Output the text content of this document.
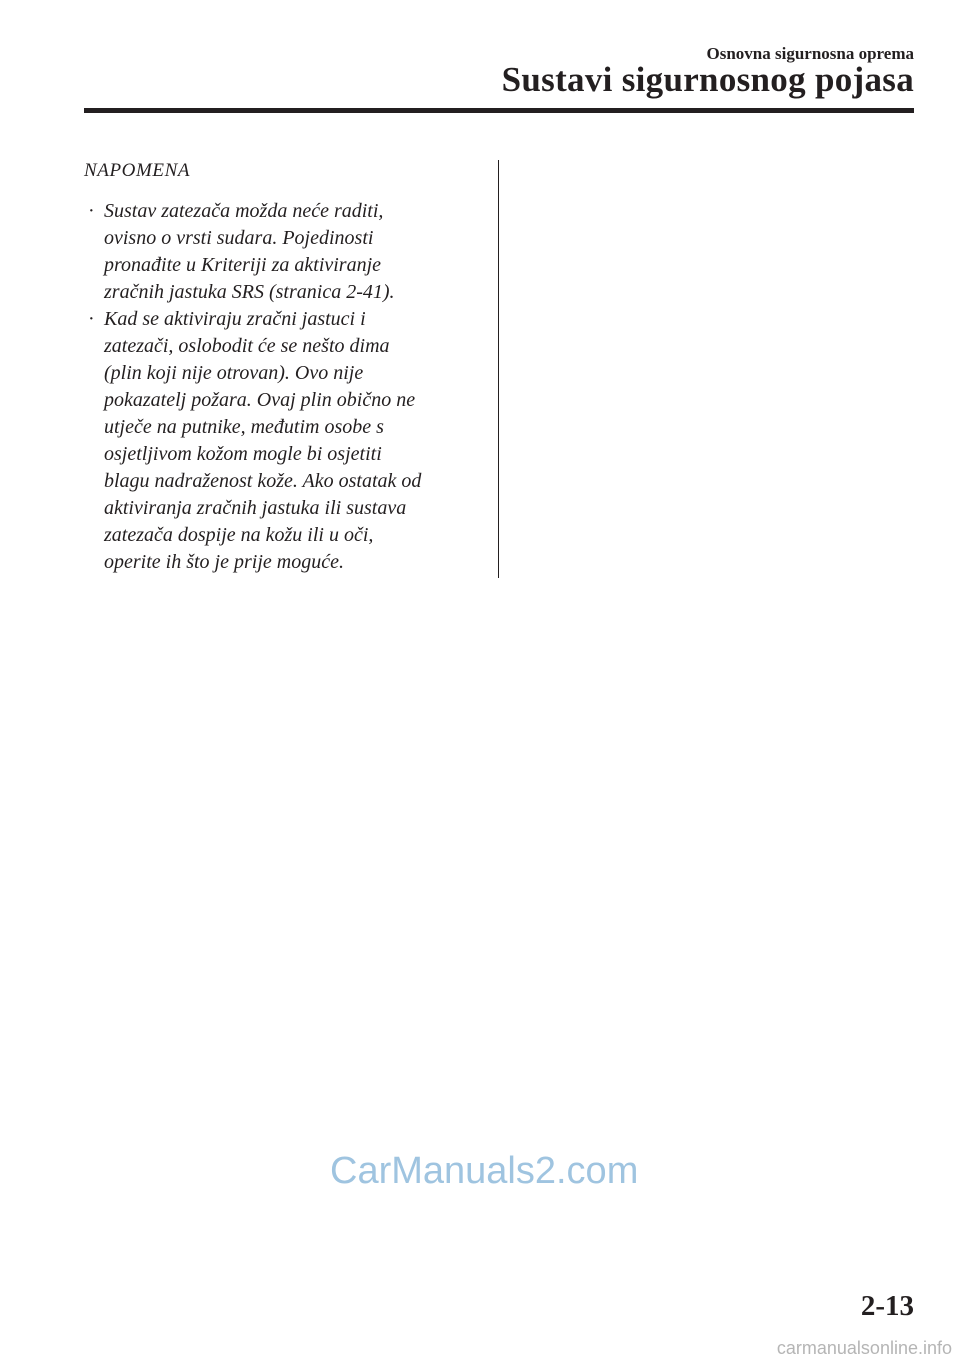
Osnovna sigurnosna oprema
Sustavi sigurnosnog pojasa
NAPOMENA
· Sustav zatezača možda neće raditi,
ovisno o vrsti sudara. Pojedinosti
pronađite u Kriteriji za aktiviranje
zračnih jastuka SRS (stranica 2-41).
· Kad se aktiviraju zračni jastuci i
zatezači, oslobodit će se nešto dima
(plin koji nije otrovan). Ovo nije
pokazatelj požara. Ovaj plin obično ne
utječe na putnike, međutim osobe s
osjetljivom kožom mogle bi osjetiti
blagu nadraženost kože. Ako ostatak od
aktiviranja zračnih jastuka ili sustava
zatezača dospije na kožu ili u oči,
operite ih što je prije moguće.
CarManuals2.com
2-13
carmanualsonline.info
